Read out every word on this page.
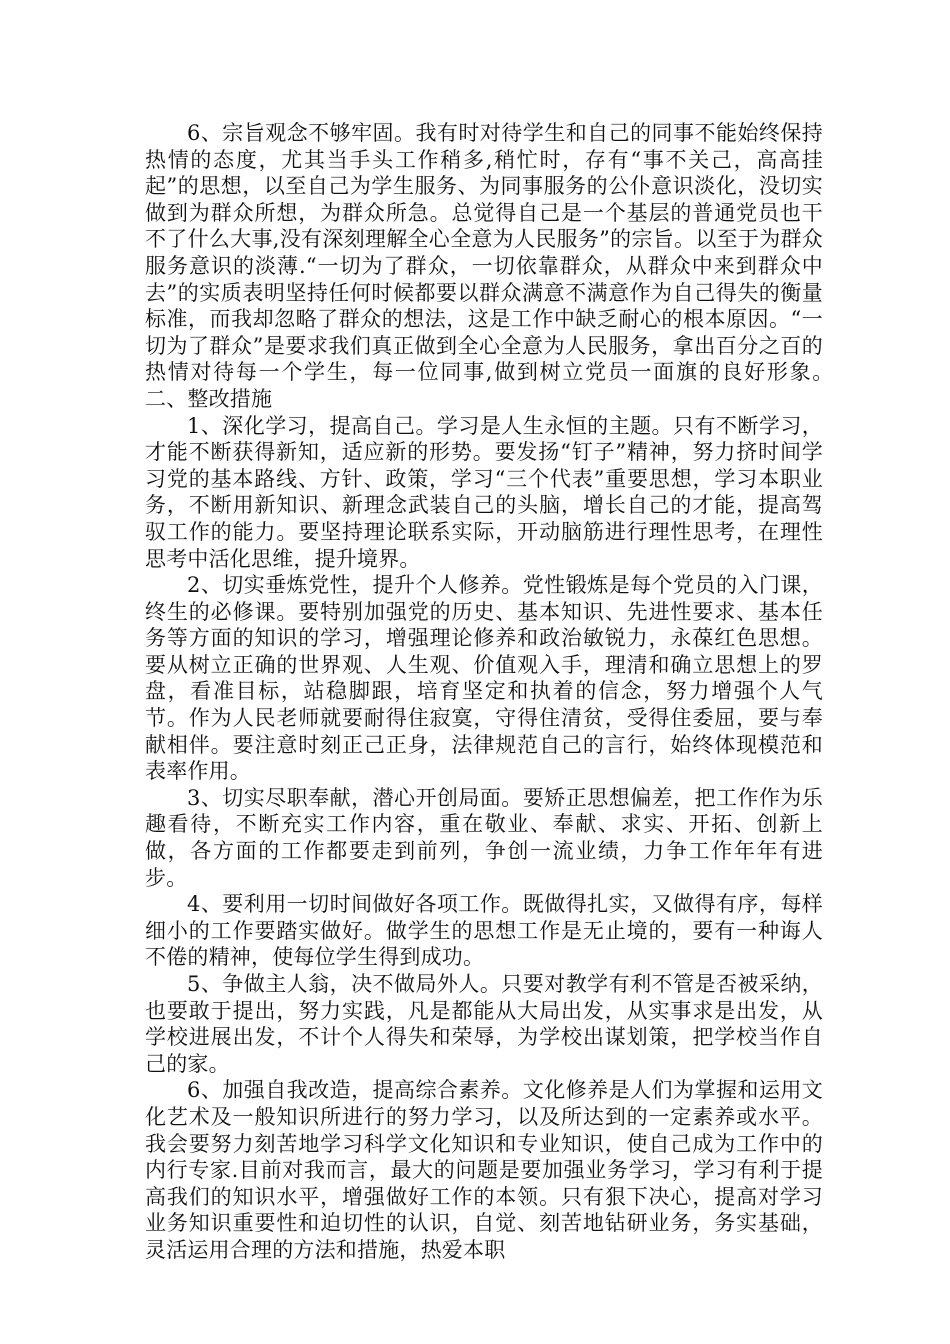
6、宗旨观念不够牢固。我有时对待学生和自己的同事不能始终保持热情的态度，尤其当手头工作稍多,稍忙时，存有“事不关己，高高挂起”的思想，以至自己为学生服务、为同事服务的公仆意识淡化，没切实做到为群众所想，为群众所急。总觉得自己是一个基层的普通党员也干不了什么大事,没有深刻理解全心全意为人民服务”的宗旨。以至于为群众服务意识的淡薄.“一切为了群众，一切依靠群众，从群众中来到群众中去”的实质表明坚持任何时候都要以群众满意不满意作为自己得失的衡量标准，而我却忽略了群众的想法，这是工作中缺乏耐心的根本原因。“一切为了群众”是要求我们真正做到全心全意为人民服务，拿出百分之百的热情对待每一个学生，每一位同事,做到树立党员一面旗的良好形象。　　二、整改措施

1、深化学习，提高自己。学习是人生永恒的主题。只有不断学习，才能不断获得新知，适应新的形势。要发扬“钉子”精神，努力挤时间学习党的基本路线、方针、政策，学习“三个代表”重要思想，学习本职业务，不断用新知识、新理念武装自己的头脑，增长自己的才能，提高驾驭工作的能力。要坚持理论联系实际，开动脑筋进行理性思考，在理性思考中活化思维，提升境界。

2、切实垂炼党性，提升个人修养。党性锻炼是每个党员的入门课，终生的必修课。要特别加强党的历史、基本知识、先进性要求、基本任务等方面的知识的学习，增强理论修养和政治敏锐力，永葆红色思想。要从树立正确的世界观、人生观、价值观入手，理清和确立思想上的罗盘，看准目标，站稳脚跟，培育坚定和执着的信念，努力增强个人气节。作为人民老师就要耐得住寂寞，守得住清贫，受得住委屈，要与奉献相伴。要注意时刻正己正身，法律规范自己的言行，始终体现模范和表率作用。

3、切实尽职奉献，潜心开创局面。要矫正思想偏差，把工作作为乐趣看待，不断充实工作内容，重在敬业、奉献、求实、开拓、创新上做，各方面的工作都要走到前列，争创一流业绩，力争工作年年有进步。

4、要利用一切时间做好各项工作。既做得扎实，又做得有序，每样细小的工作要踏实做好。做学生的思想工作是无止境的，要有一种诲人不倦的精神，使每位学生得到成功。

5、争做主人翁，决不做局外人。只要对教学有利不管是否被采纳，也要敢于提出，努力实践，凡是都能从大局出发，从实事求是出发，从学校进展出发，不计个人得失和荣辱，为学校出谋划策，把学校当作自己的家。

6、加强自我改造，提高综合素养。文化修养是人们为掌握和运用文化艺术及一般知识所进行的努力学习，以及所达到的一定素养或水平。我会要努力刻苦地学习科学文化知识和专业知识，使自己成为工作中的内行专家.目前对我而言，最大的问题是要加强业务学习，学习有利于提高我们的知识水平，增强做好工作的本领。只有狠下决心，提高对学习业务知识重要性和迫切性的认识，自觉、刻苦地钻研业务，务实基础，灵活运用合理的方法和措施，热爱本职
